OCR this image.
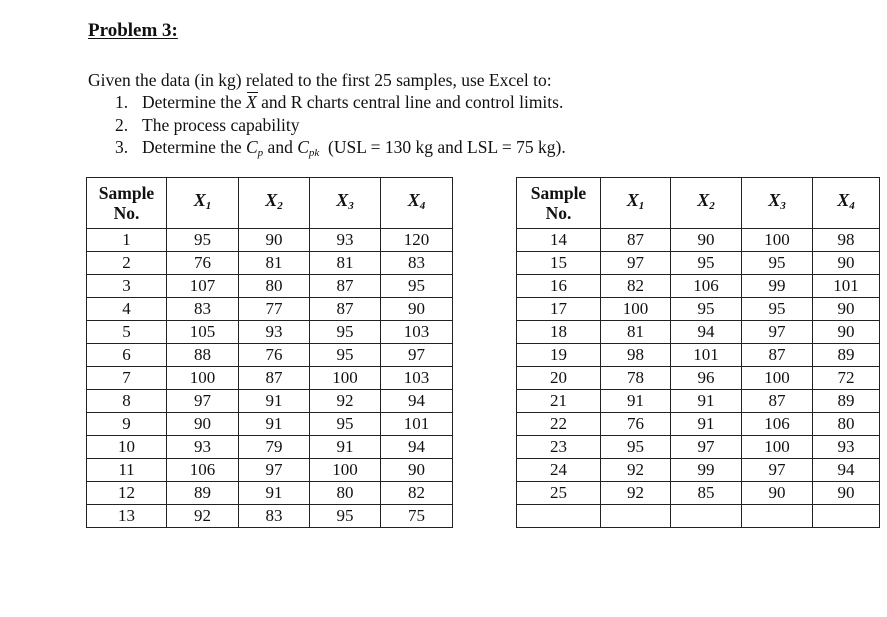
Problem 3:
Given the data (in kg) related to the first 25 samples, use Excel to:
1. Determine the X and R charts central line and control limits.
2. The process capability
3. Determine the $C_p$ and $C_{pk}$  (USL = 130 kg and LSL = 75 kg).
Sample
No.	X1	X2	X3	X4		Sample
No.	X1	X2	X3	X4
1	95	90	93	120		14	87	90	100	98
2	76	81	81	83		15	97	95	95	90
3	107	80	87	95		16	82	106	99	101
4	83	77	87	90		17	100	95	95	90
5	105	93	95	103		18	81	94	97	90
6	88	76	95	97		19	98	101	87	89
7	100	87	100	103		20	78	96	100	72
8	97	91	92	94		21	91	91	87	89
9	90	91	95	101		22	76	91	106	80
10	93	79	91	94		23	95	97	100	93
11	106	97	100	90		24	92	99	97	94
12	89	91	80	82		25	92	85	90	90
13	92	83	95	75						
